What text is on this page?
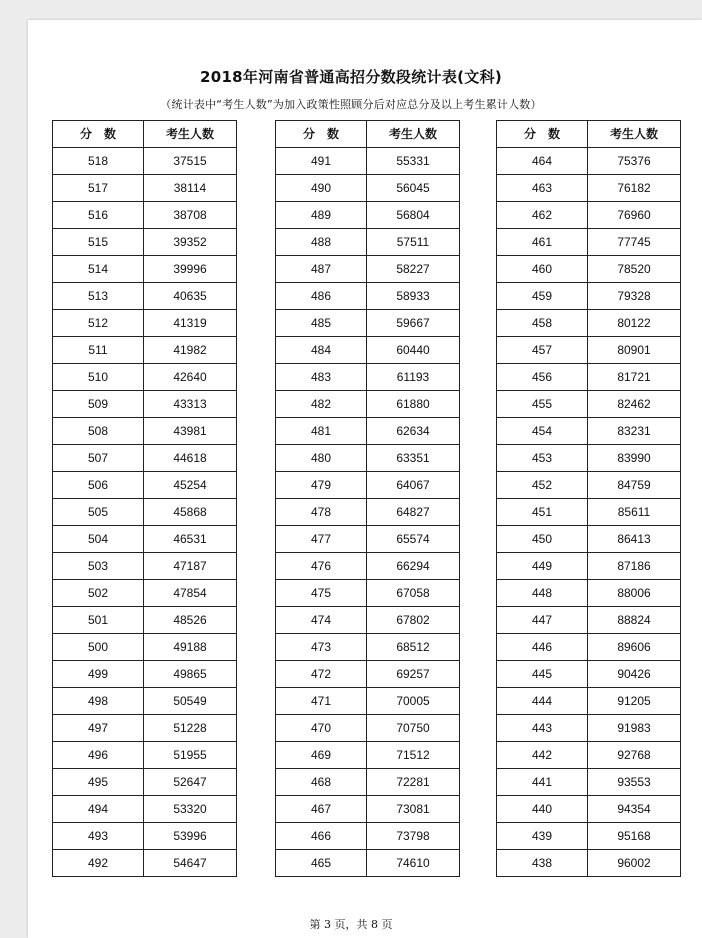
2018年河南省普通高招分数段统计表(文科)
（统计表中“考生人数”为加入政策性照顾分后对应总分及以上考生累计人数）
分　数	考生人数
518	37515
517	38114
516	38708
515	39352
514	39996
513	40635
512	41319
511	41982
510	42640
509	43313
508	43981
507	44618
506	45254
505	45868
504	46531
503	47187
502	47854
501	48526
500	49188
499	49865
498	50549
497	51228
496	51955
495	52647
494	53320
493	53996
492	54647
分　数	考生人数
491	55331
490	56045
489	56804
488	57511
487	58227
486	58933
485	59667
484	60440
483	61193
482	61880
481	62634
480	63351
479	64067
478	64827
477	65574
476	66294
475	67058
474	67802
473	68512
472	69257
471	70005
470	70750
469	71512
468	72281
467	73081
466	73798
465	74610
分　数	考生人数
464	75376
463	76182
462	76960
461	77745
460	78520
459	79328
458	80122
457	80901
456	81721
455	82462
454	83231
453	83990
452	84759
451	85611
450	86413
449	87186
448	88006
447	88824
446	89606
445	90426
444	91205
443	91983
442	92768
441	93553
440	94354
439	95168
438	96002
第 3 页，共 8 页
